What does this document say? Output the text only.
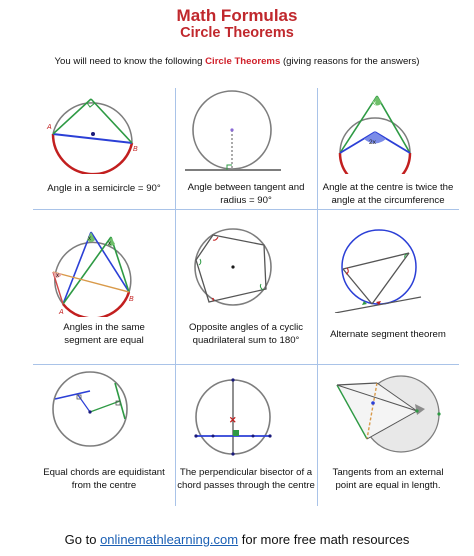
Math Formulas
Circle Theorems
You will need to know the following Circle Theorems (giving reasons for the answers)
A
B
Angle in a semicircle = 90°	Angle between tangent and
radius = 90°
x
2x
Angle at the centre is twice the
angle at the circumference
x
x
x
A
B
Angles in the same
segment are equal
Opposite angles of a cyclic
quadrilateral sum to 180°
Alternate segment theorem
Equal chords are equidistant
from the centre
✕
The perpendicular bisector of a
chord passes through the centre
Tangents from an external
point are equal in length.
Go to onlinemathlearning.com for more free math resources
